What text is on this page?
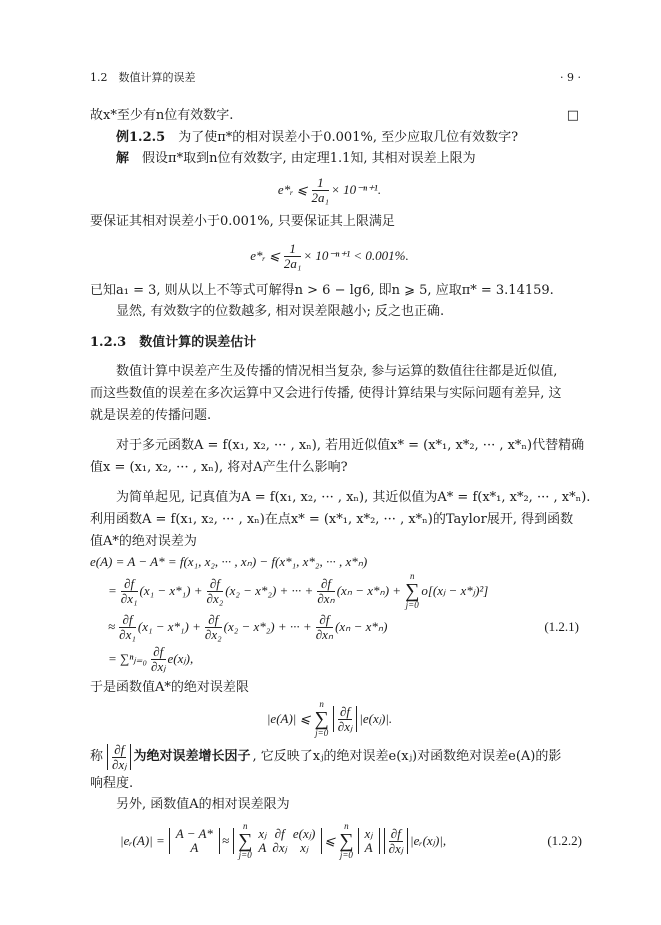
1.2　数值计算的误差	· 9 ·
故x*至少有n位有效数字.	□
例1.2.5　 为了使π*的相对误差小于0.001%, 至少应取几位有效数字?
解　 假设π*取到n位有效数字, 由定理1.1知, 其相对误差上限为
e*ᵣ ⩽ $\frac{1}{\text{2a₁}} \times 10^{-n+1}$.
要保证其相对误差小于0.001%, 只要保证其上限满足
e*ᵣ ⩽ $\frac{1}{\text{2a₁}} \times 10^{-n+1} < 0.001\%$.
已知a₁ = 3, 则从以上不等式可解得n > 6 − lg6, 即n ⩾ 5, 应取π* = 3.14159.
显然, 有效数字的位数越多, 相对误差限越小; 反之也正确.
1.2.3　 数值计算的误差估计
数值计算中误差产生及传播的情况相当复杂, 参与运算的数值往往都是近似值,
而这些数值的误差在多次运算中又会进行传播, 使得计算结果与实际问题有差异, 这
就是误差的传播问题.
对于多元函数A = f(x₁, x₂, ··· , xₙ), 若用近似值x* = (x*₁, x*₂, ··· , x*ₙ)代替精确
值x = (x₁, x₂, ··· , xₙ), 将对A产生什么影响?
为简单起见, 记真值为A = f(x₁, x₂, ··· , xₙ), 其近似值为A* = f(x*₁, x*₂, ··· , x*ₙ).
利用函数A = f(x₁, x₂, ··· , xₙ)在点x* = (x*₁, x*₂, ··· , x*ₙ)的Taylor展开, 得到函数
值A*的绝对误差为
e(A) = A − A* = f(x₁, x₂, ··· , xₙ) − f(x*₁, x*₂, ··· , x*ₙ)
= $\frac{\partial f}{\text{∂x₁}} (x_1 - x*_1) + \frac{\partial f}{\text{∂x₂}} (x_2 - x*_2)$ + ··· + $\frac{\partial f}{\text{∂xₙ}} (x_n - x*_n)$ +
n
∑
j=0
o[(xⱼ − x*ⱼ)²]
≈ $\frac{\partial f}{\text{∂x₁}} (x_1 - x*_1) + \frac{\partial f}{\text{∂x₂}} (x_2 - x*_2)$ + ··· + $\frac{\partial f}{\text{∂xₙ}} (x_n - x*_n)$	(1.2.1)
= ∑ⁿⱼ₌₀ $\frac{\partial f}{\text{∂xⱼ}}$ e(xⱼ),
于是函数值A*的绝对误差限
|e(A)| ⩽
n
∑
$j=0 \frac{\partial f}{\text{∂xⱼ}}$ |e(xⱼ)|.
称 $\frac{\partial f}{\text{∂xⱼ}}$ 为绝对误差增长因子 , 它反映了xⱼ的绝对误差e(xⱼ)对函数绝对误差e(A)的影
响程度.
另外, 函数值A的相对误差限为
|eᵣ(A)| = A − A*
A	≈
n
∑
j=0
xⱼ
A
∂f
∂xⱼ
e(xⱼ)
xⱼ	⩽
n
∑
j=0
xⱼ
A $\frac{\partial f}{\text{∂xⱼ}}$ |eᵣ(xⱼ)|,	(1.2.2)
